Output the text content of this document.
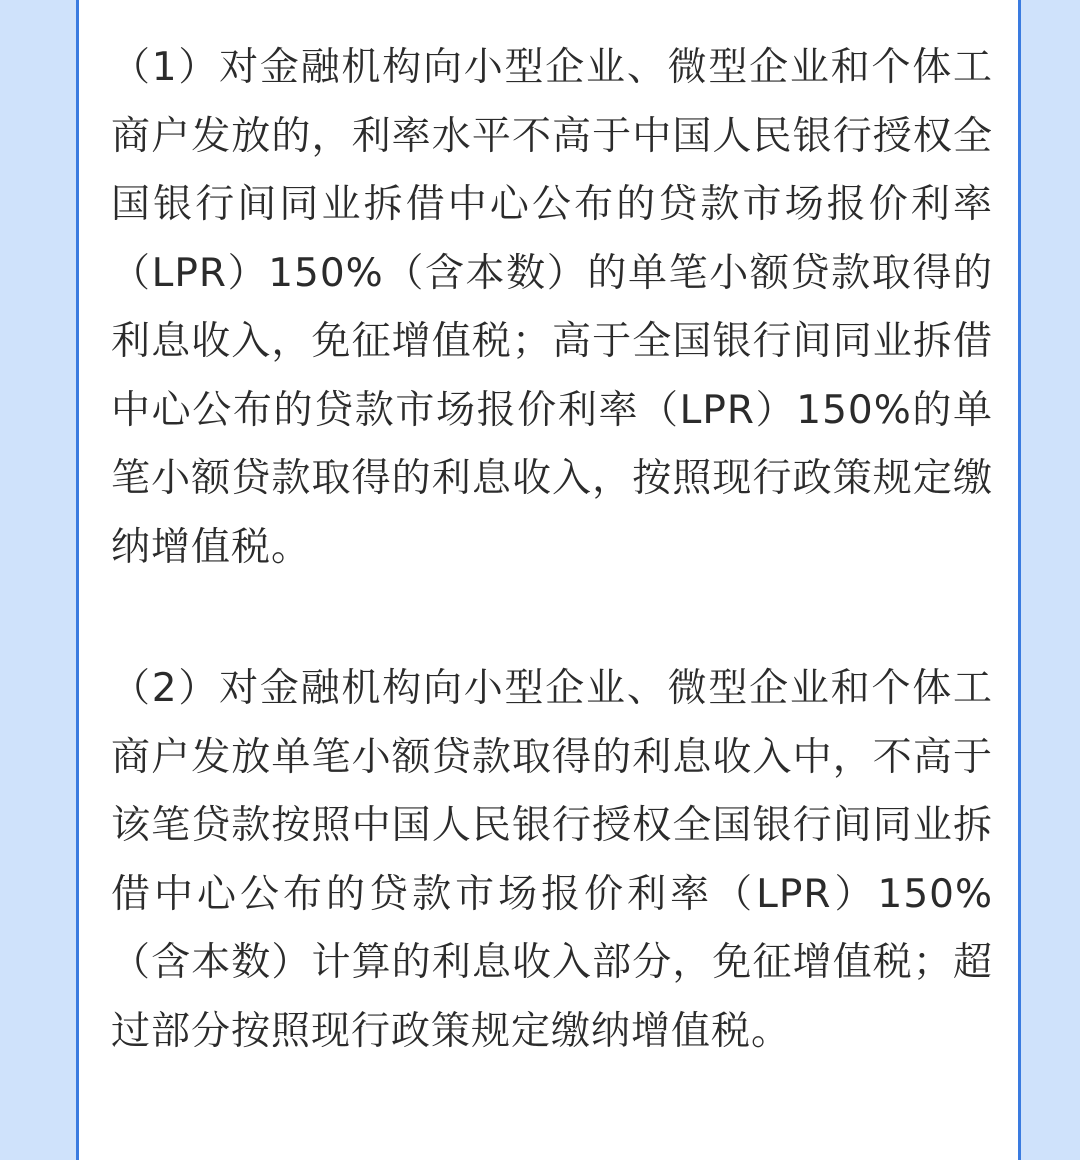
（1）对金融机构向小型企业、微型企业和个体工商户发放的，利率水平不高于中国人民银行授权全国银行间同业拆借中心公布的贷款市场报价利率（LPR）150%（含本数）的单笔小额贷款取得的利息收入，免征增值税；高于全国银行间同业拆借中心公布的贷款市场报价利率（LPR）150%的单笔小额贷款取得的利息收入，按照现行政策规定缴纳增值税。

（2）对金融机构向小型企业、微型企业和个体工商户发放单笔小额贷款取得的利息收入中，不高于该笔贷款按照中国人民银行授权全国银行间同业拆借中心公布的贷款市场报价利率（LPR）150%（含本数）计算的利息收入部分，免征增值税；超过部分按照现行政策规定缴纳增值税。
